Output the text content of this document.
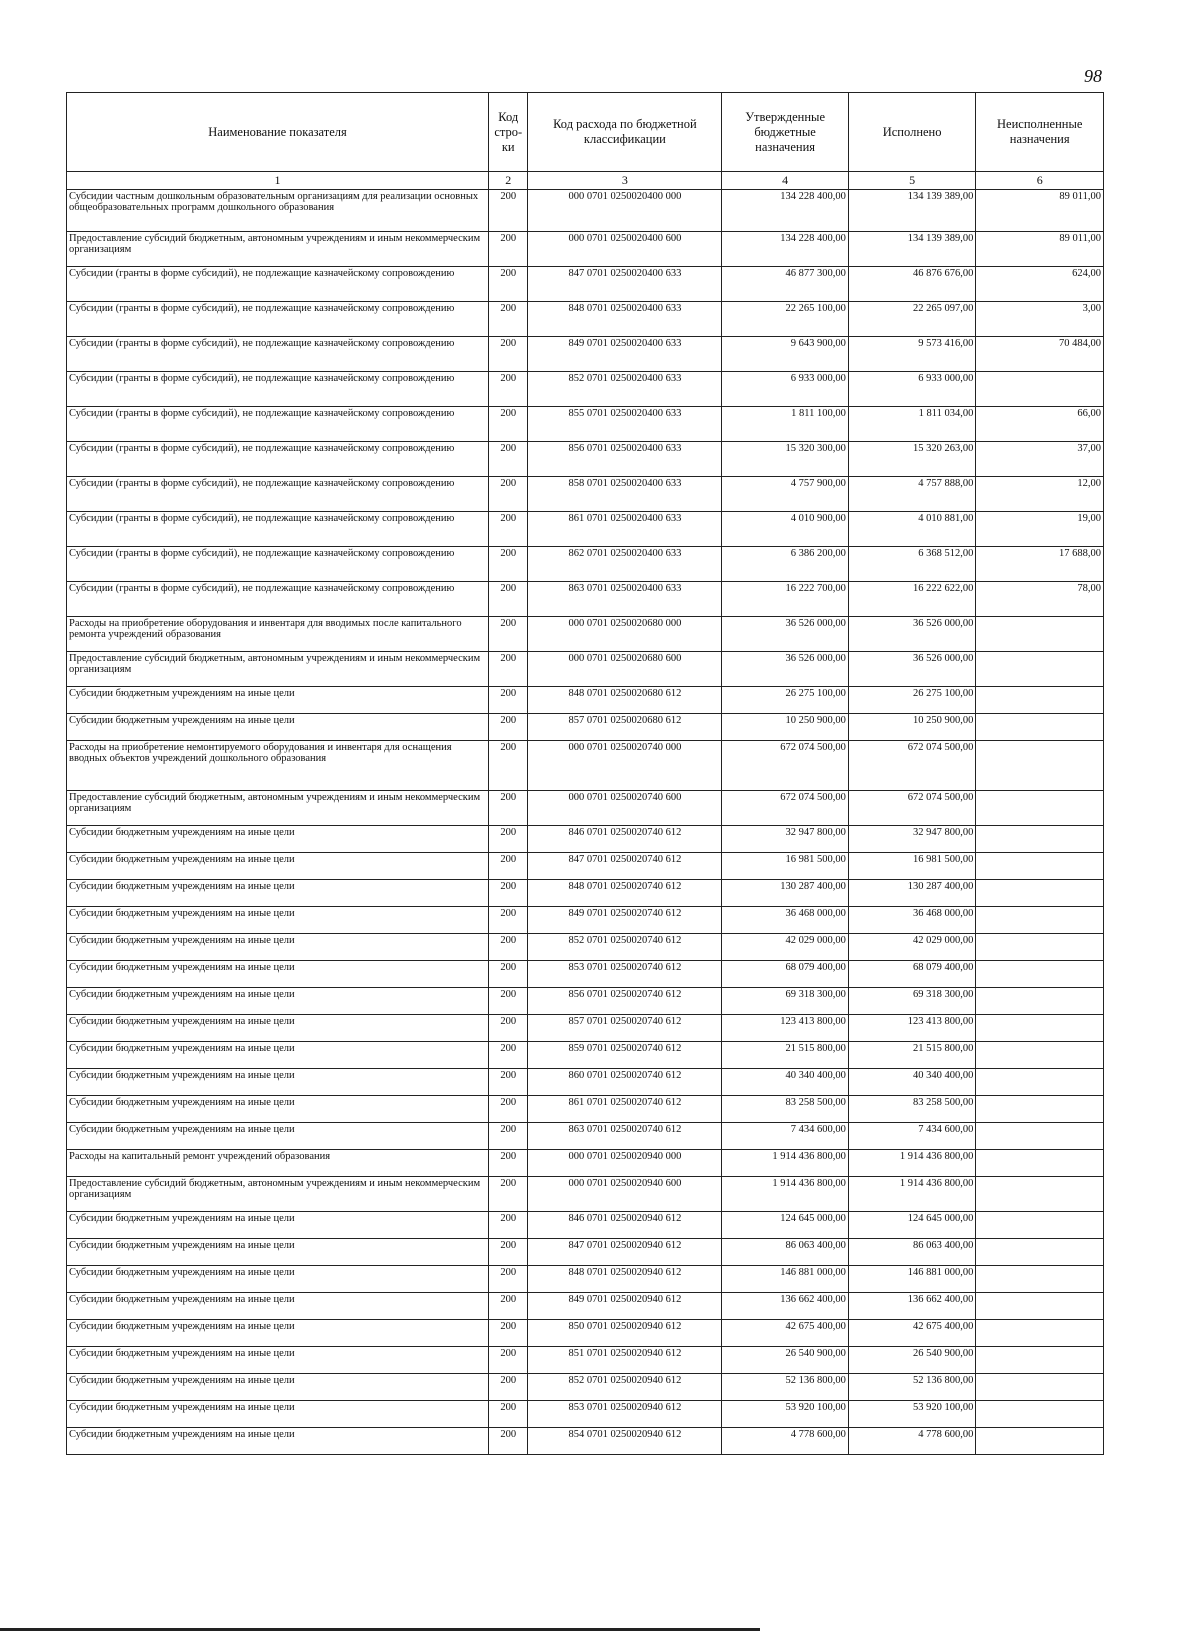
98
Наименование показателя	Код стро-ки	Код расхода по бюджетной классификации	Утвержденные бюджетные назначения	Исполнено	Неисполненные назначения
1	2	3	4	5	6
Субсидии частным дошкольным образовательным организациям для реализации основных общеобразовательных программ дошкольного образования	200	000 0701 0250020400 000	134 228 400,00	134 139 389,00	89 011,00
Предоставление субсидий бюджетным, автономным учреждениям и иным некоммерческим организациям	200	000 0701 0250020400 600	134 228 400,00	134 139 389,00	89 011,00
Субсидии (гранты в форме субсидий), не подлежащие казначейскому сопровождению	200	847 0701 0250020400 633	46 877 300,00	46 876 676,00	624,00
Субсидии (гранты в форме субсидий), не подлежащие казначейскому сопровождению	200	848 0701 0250020400 633	22 265 100,00	22 265 097,00	3,00
Субсидии (гранты в форме субсидий), не подлежащие казначейскому сопровождению	200	849 0701 0250020400 633	9 643 900,00	9 573 416,00	70 484,00
Субсидии (гранты в форме субсидий), не подлежащие казначейскому сопровождению	200	852 0701 0250020400 633	6 933 000,00	6 933 000,00	
Субсидии (гранты в форме субсидий), не подлежащие казначейскому сопровождению	200	855 0701 0250020400 633	1 811 100,00	1 811 034,00	66,00
Субсидии (гранты в форме субсидий), не подлежащие казначейскому сопровождению	200	856 0701 0250020400 633	15 320 300,00	15 320 263,00	37,00
Субсидии (гранты в форме субсидий), не подлежащие казначейскому сопровождению	200	858 0701 0250020400 633	4 757 900,00	4 757 888,00	12,00
Субсидии (гранты в форме субсидий), не подлежащие казначейскому сопровождению	200	861 0701 0250020400 633	4 010 900,00	4 010 881,00	19,00
Субсидии (гранты в форме субсидий), не подлежащие казначейскому сопровождению	200	862 0701 0250020400 633	6 386 200,00	6 368 512,00	17 688,00
Субсидии (гранты в форме субсидий), не подлежащие казначейскому сопровождению	200	863 0701 0250020400 633	16 222 700,00	16 222 622,00	78,00
Расходы на приобретение оборудования и инвентаря для вводимых после капитального ремонта учреждений образования	200	000 0701 0250020680 000	36 526 000,00	36 526 000,00	
Предоставление субсидий бюджетным, автономным учреждениям и иным некоммерческим организациям	200	000 0701 0250020680 600	36 526 000,00	36 526 000,00	
Субсидии бюджетным учреждениям на иные цели	200	848 0701 0250020680 612	26 275 100,00	26 275 100,00	
Субсидии бюджетным учреждениям на иные цели	200	857 0701 0250020680 612	10 250 900,00	10 250 900,00	
Расходы на приобретение немонтируемого оборудования и инвентаря для оснащения вводных объектов учреждений дошкольного образования	200	000 0701 0250020740 000	672 074 500,00	672 074 500,00	
Предоставление субсидий бюджетным, автономным учреждениям и иным некоммерческим организациям	200	000 0701 0250020740 600	672 074 500,00	672 074 500,00	
Субсидии бюджетным учреждениям на иные цели	200	846 0701 0250020740 612	32 947 800,00	32 947 800,00	
Субсидии бюджетным учреждениям на иные цели	200	847 0701 0250020740 612	16 981 500,00	16 981 500,00	
Субсидии бюджетным учреждениям на иные цели	200	848 0701 0250020740 612	130 287 400,00	130 287 400,00	
Субсидии бюджетным учреждениям на иные цели	200	849 0701 0250020740 612	36 468 000,00	36 468 000,00	
Субсидии бюджетным учреждениям на иные цели	200	852 0701 0250020740 612	42 029 000,00	42 029 000,00	
Субсидии бюджетным учреждениям на иные цели	200	853 0701 0250020740 612	68 079 400,00	68 079 400,00	
Субсидии бюджетным учреждениям на иные цели	200	856 0701 0250020740 612	69 318 300,00	69 318 300,00	
Субсидии бюджетным учреждениям на иные цели	200	857 0701 0250020740 612	123 413 800,00	123 413 800,00	
Субсидии бюджетным учреждениям на иные цели	200	859 0701 0250020740 612	21 515 800,00	21 515 800,00	
Субсидии бюджетным учреждениям на иные цели	200	860 0701 0250020740 612	40 340 400,00	40 340 400,00	
Субсидии бюджетным учреждениям на иные цели	200	861 0701 0250020740 612	83 258 500,00	83 258 500,00	
Субсидии бюджетным учреждениям на иные цели	200	863 0701 0250020740 612	7 434 600,00	7 434 600,00	
Расходы на капитальный ремонт учреждений образования	200	000 0701 0250020940 000	1 914 436 800,00	1 914 436 800,00	
Предоставление субсидий бюджетным, автономным учреждениям и иным некоммерческим организациям	200	000 0701 0250020940 600	1 914 436 800,00	1 914 436 800,00	
Субсидии бюджетным учреждениям на иные цели	200	846 0701 0250020940 612	124 645 000,00	124 645 000,00	
Субсидии бюджетным учреждениям на иные цели	200	847 0701 0250020940 612	86 063 400,00	86 063 400,00	
Субсидии бюджетным учреждениям на иные цели	200	848 0701 0250020940 612	146 881 000,00	146 881 000,00	
Субсидии бюджетным учреждениям на иные цели	200	849 0701 0250020940 612	136 662 400,00	136 662 400,00	
Субсидии бюджетным учреждениям на иные цели	200	850 0701 0250020940 612	42 675 400,00	42 675 400,00	
Субсидии бюджетным учреждениям на иные цели	200	851 0701 0250020940 612	26 540 900,00	26 540 900,00	
Субсидии бюджетным учреждениям на иные цели	200	852 0701 0250020940 612	52 136 800,00	52 136 800,00	
Субсидии бюджетным учреждениям на иные цели	200	853 0701 0250020940 612	53 920 100,00	53 920 100,00	
Субсидии бюджетным учреждениям на иные цели	200	854 0701 0250020940 612	4 778 600,00	4 778 600,00	
